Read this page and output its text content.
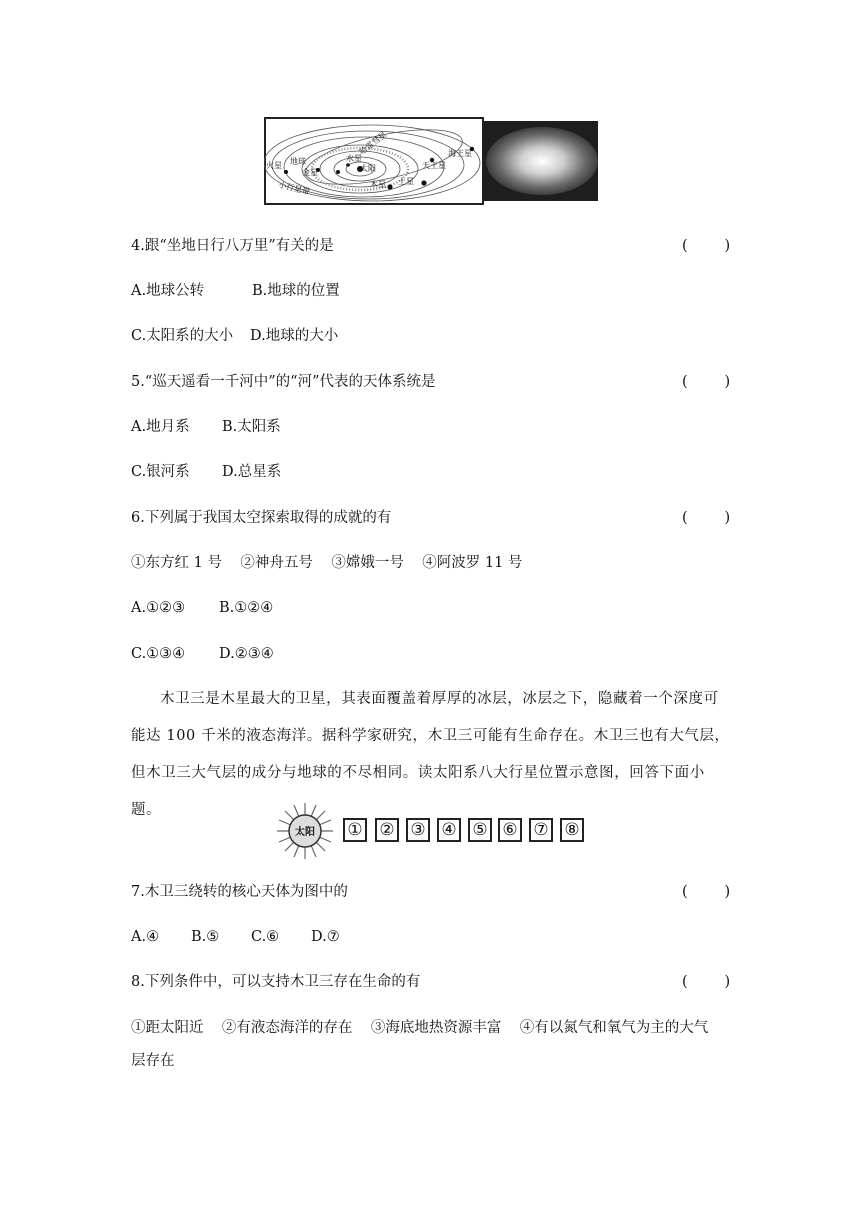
火星 地球
金星	太阳
水星
木星 土星
天王星
海王星
哈雷彗星
小行星带
4.跟“坐地日行八万里”有关的是	(        )
A.地球公转	B.地球的位置
C.太阳系的大小 D.地球的大小
5.“巡天遥看一千河中”的“河”代表的天体系统是	(        )
A.地月系 B.太阳系
C.银河系 D.总星系
6.下列属于我国太空探索取得的成就的有	(        )
①东方红 1 号    ②神舟五号    ③嫦娥一号    ④阿波罗 11 号
A.①②③ B.①②④
C.①③④ D.②③④
木卫三是木星最大的卫星，其表面覆盖着厚厚的冰层，冰层之下，隐藏着一个深度可能达 100 千米的液态海洋。据科学家研究，木卫三可能有生命存在。木卫三也有大气层，但木卫三大气层的成分与地球的不尽相同。读太阳系八大行星位置示意图，回答下面小题。
太阳 ① ② ③ ④ ⑤ ⑥ ⑦ ⑧
7.木卫三绕转的核心天体为图中的	(        )
A.④ B.⑤ C.⑥ D.⑦
8.下列条件中，可以支持木卫三存在生命的有	(        )
①距太阳近    ②有液态海洋的存在    ③海底地热资源丰富    ④有以氮气和氧气为主的大气
层存在
